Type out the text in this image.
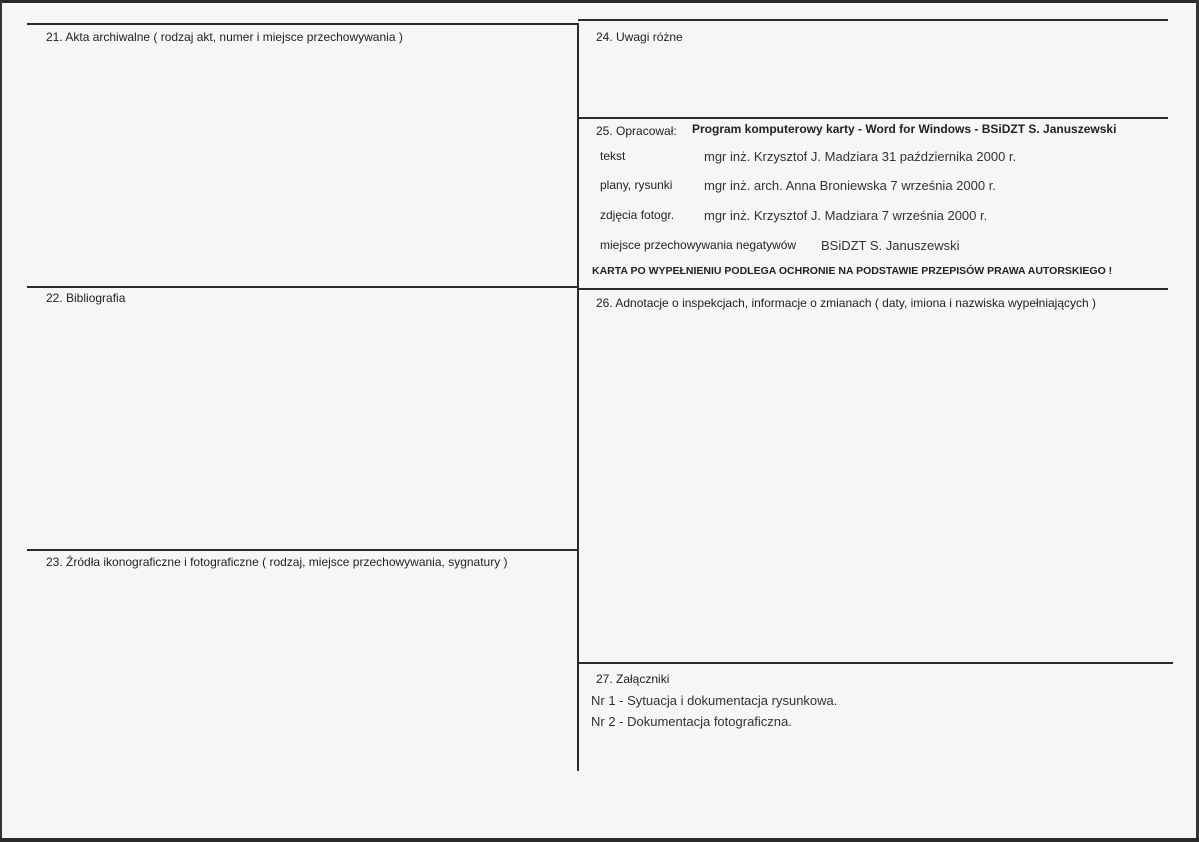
21. Akta archiwalne ( rodzaj akt, numer i miejsce przechowywania )
22. Bibliografia
23. Źródła ikonograficzne i fotograficzne ( rodzaj, miejsce przechowywania, sygnatury )
24. Uwagi różne
25. Opracował: Program komputerowy karty - Word for Windows - BSiDZT S. Januszewski
tekst	mgr inż. Krzysztof J. Madziara 31 października 2000 r.
plany, rysunki mgr inż. arch. Anna Broniewska 7 września 2000 r.
zdjęcia fotogr. mgr inż. Krzysztof J. Madziara 7 września 2000 r.
miejsce przechowywania negatywów BSiDZT S. Januszewski
KARTA PO WYPEŁNIENIU PODLEGA OCHRONIE NA PODSTAWIE PRZEPISÓW PRAWA AUTORSKIEGO !
26. Adnotacje o inspekcjach, informacje o zmianach ( daty, imiona i nazwiska wypełniających )
27. Załączniki
Nr 1 - Sytuacja i dokumentacja rysunkowa.
Nr 2 - Dokumentacja fotograficzna.
